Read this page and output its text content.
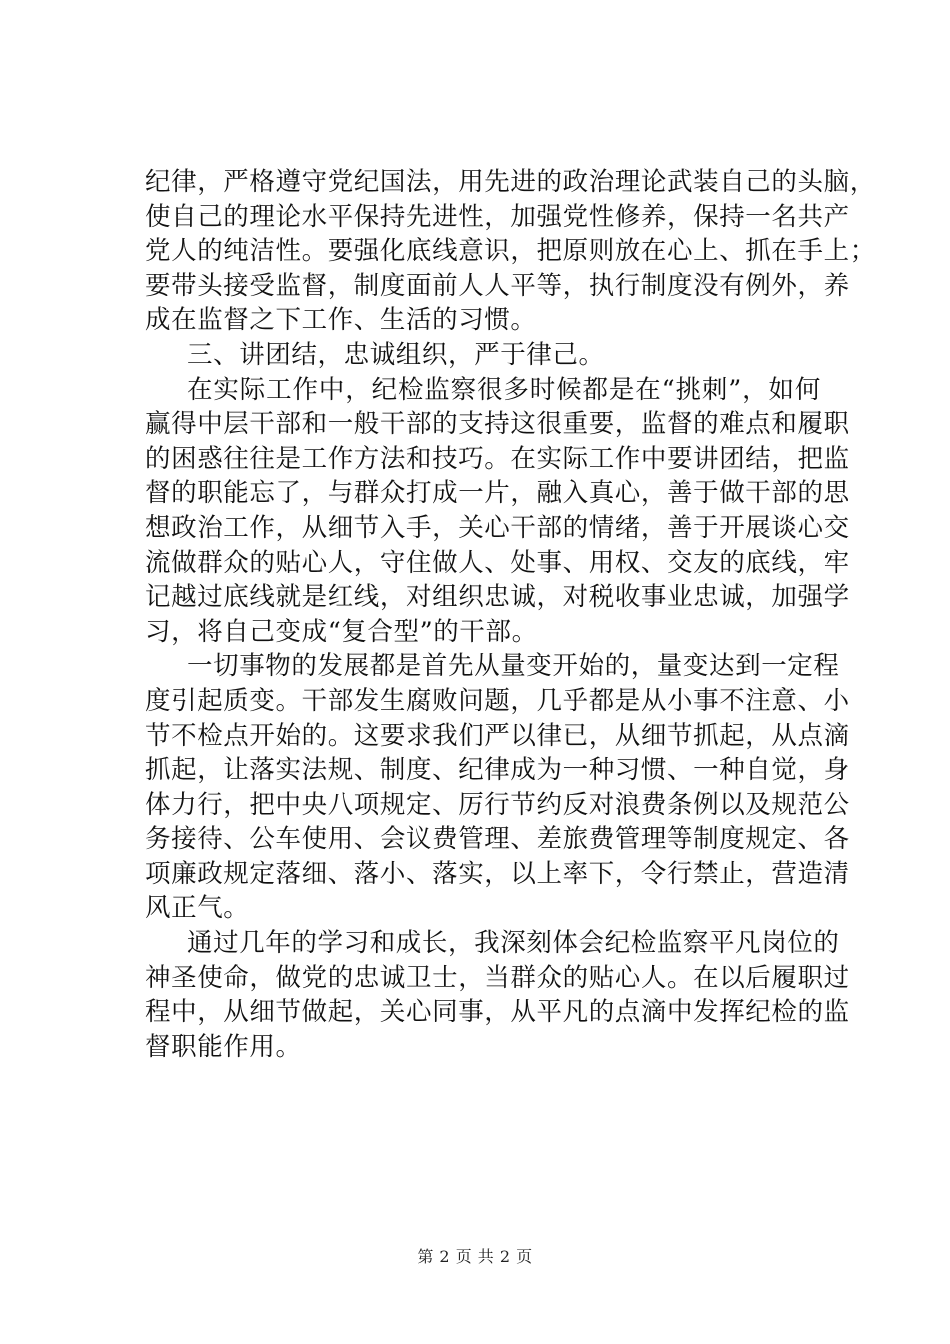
纪律，严格遵守党纪国法，用先进的政治理论武装自己的头脑，
使自己的理论水平保持先进性，加强党性修养，保持一名共产
党人的纯洁性。要强化底线意识，把原则放在心上、抓在手上；
要带头接受监督，制度面前人人平等，执行制度没有例外，养
成在监督之下工作、生活的习惯。
三、讲团结，忠诚组织，严于律己。
在实际工作中，纪检监察很多时候都是在“挑刺”，如何
赢得中层干部和一般干部的支持这很重要，监督的难点和履职
的困惑往往是工作方法和技巧。在实际工作中要讲团结，把监
督的职能忘了，与群众打成一片，融入真心，善于做干部的思
想政治工作，从细节入手，关心干部的情绪，善于开展谈心交
流做群众的贴心人，守住做人、处事、用权、交友的底线，牢
记越过底线就是红线，对组织忠诚，对税收事业忠诚，加强学
习，将自己变成“复合型”的干部。
一切事物的发展都是首先从量变开始的，量变达到一定程
度引起质变。干部发生腐败问题，几乎都是从小事不注意、小
节不检点开始的。这要求我们严以律已，从细节抓起，从点滴
抓起，让落实法规、制度、纪律成为一种习惯、一种自觉，身
体力行，把中央八项规定、厉行节约反对浪费条例以及规范公
务接待、公车使用、会议费管理、差旅费管理等制度规定、各
项廉政规定落细、落小、落实，以上率下，令行禁止，营造清
风正气。
通过几年的学习和成长，我深刻体会纪检监察平凡岗位的
神圣使命，做党的忠诚卫士，当群众的贴心人。在以后履职过
程中，从细节做起，关心同事，从平凡的点滴中发挥纪检的监
督职能作用。
第 2 页 共 2 页
